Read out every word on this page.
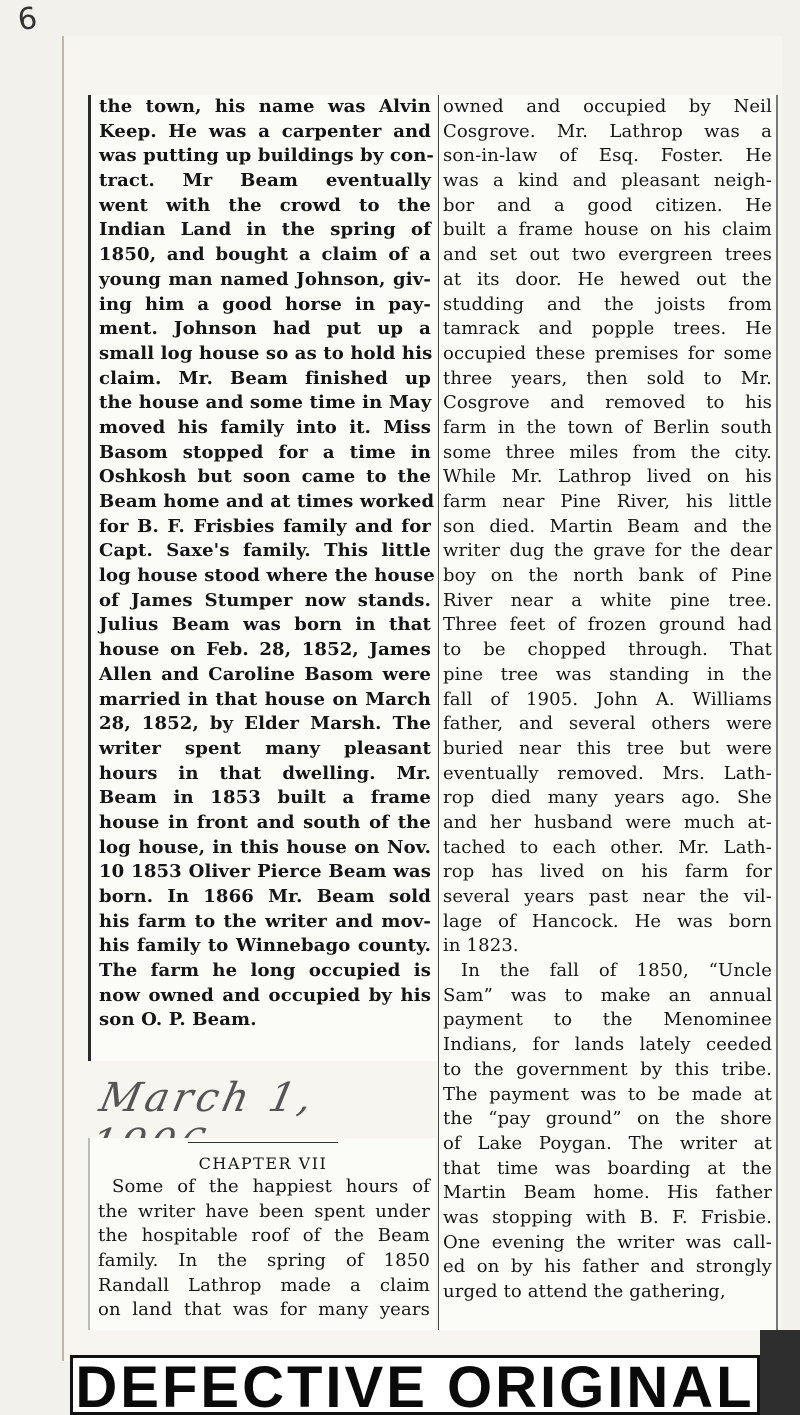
6
the town, his name was Alvin
Keep. He was a carpenter and
was putting up buildings by con-
tract. Mr Beam eventually
went with the crowd to the
Indian Land in the spring of
1850, and bought a claim of a
young man named Johnson, giv-
ing him a good horse in pay-
ment. Johnson had put up a
small log house so as to hold his
claim. Mr. Beam finished up
the house and some time in May
moved his family into it. Miss
Basom stopped for a time in
Oshkosh but soon came to the
Beam home and at times worked
for B. F. Frisbies family and for
Capt. Saxe's family. This little
log house stood where the house
of James Stumper now stands.
Julius Beam was born in that
house on Feb. 28, 1852, James
Allen and Caroline Basom were
married in that house on March
28, 1852, by Elder Marsh. The
writer spent many pleasant
hours in that dwelling. Mr.
Beam in 1853 built a frame
house in front and south of the
log house, in this house on Nov.
10 1853 Oliver Pierce Beam was
born. In 1866 Mr. Beam sold
his farm to the writer and mov-
his family to Winnebago county.
The farm he long occupied is
now owned and occupied by his
son O. P. Beam.
March 1,
CHAPTER VII
Some of the happiest hours of
the writer have been spent under
the hospitable roof of the Beam
family. In the spring of 1850
Randall Lathrop made a claim
on land that was for many years
owned and occupied by Neil
Cosgrove. Mr. Lathrop was a
son-in-law of Esq. Foster. He
was a kind and pleasant neigh-
bor and a good citizen. He
built a frame house on his claim
and set out two evergreen trees
at its door. He hewed out the
studding and the joists from
tamrack and popple trees. He
occupied these premises for some
three years, then sold to Mr.
Cosgrove and removed to his
farm in the town of Berlin south
some three miles from the city.
While Mr. Lathrop lived on his
farm near Pine River, his little
son died. Martin Beam and the
writer dug the grave for the dear
boy on the north bank of Pine
River near a white pine tree.
Three feet of frozen ground had
to be chopped through. That
pine tree was standing in the
fall of 1905. John A. Williams
father, and several others were
buried near this tree but were
eventually removed. Mrs. Lath-
rop died many years ago. She
and her husband were much at-
tached to each other. Mr. Lath-
rop has lived on his farm for
several years past near the vil-
lage of Hancock. He was born
in 1823.
In the fall of 1850, “Uncle
Sam” was to make an annual
payment to the Menominee
Indians, for lands lately ceeded
to the government by this tribe.
The payment was to be made at
the “pay ground” on the shore
of Lake Poygan. The writer at
that time was boarding at the
Martin Beam home. His father
was stopping with B. F. Frisbie.
One evening the writer was call-
ed on by his father and strongly
urged to attend the gathering,
DEFECTIVE ORIGINAL
